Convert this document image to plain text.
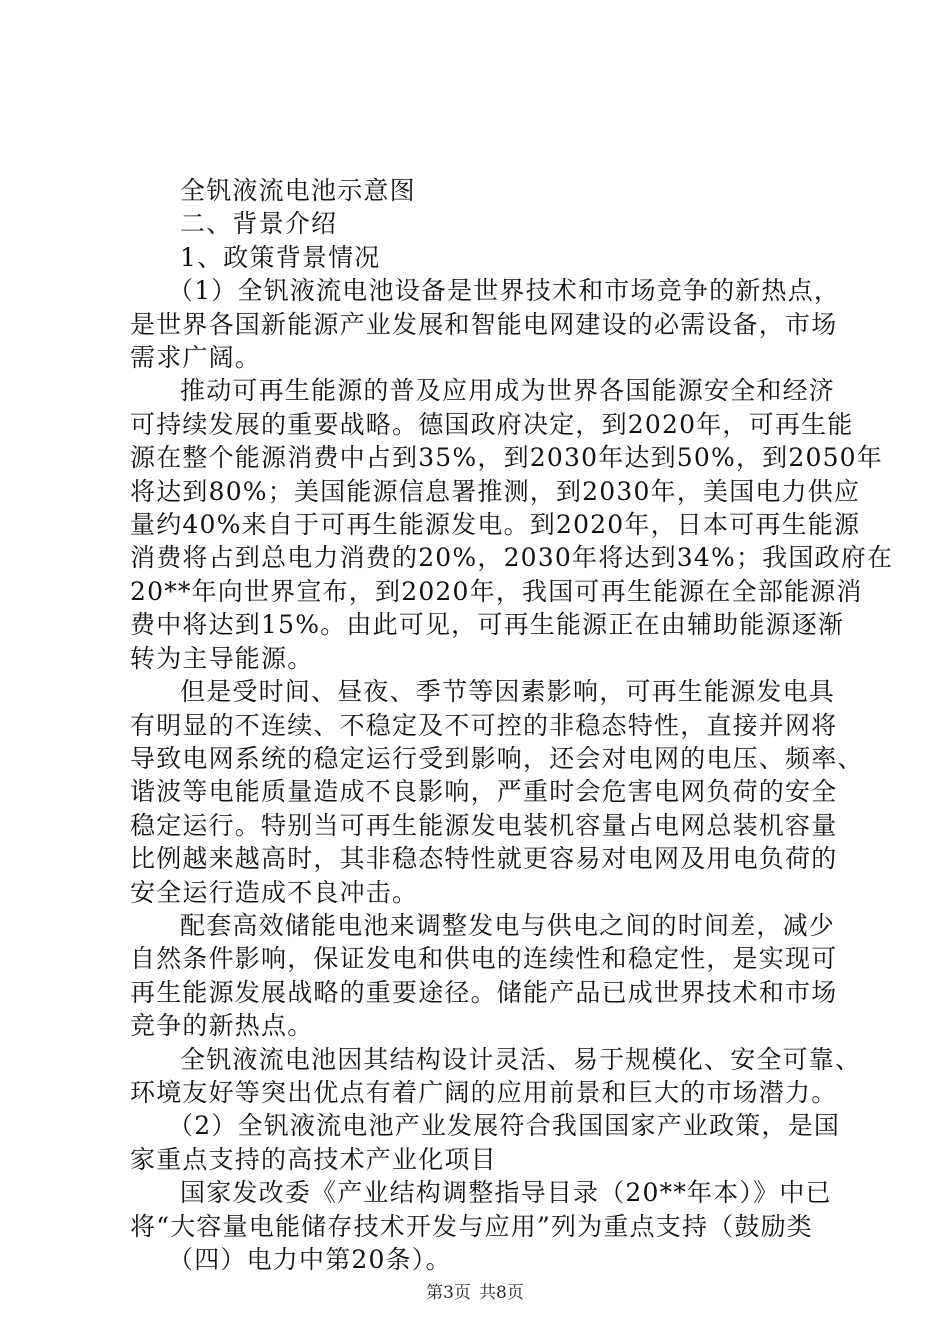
全钒液流电池示意图

二、背景介绍

1、政策背景情况

（1）全钒液流电池设备是世界技术和市场竞争的新热点，

是世界各国新能源产业发展和智能电网建设的必需设备，市场

需求广阔。

推动可再生能源的普及应用成为世界各国能源安全和经济

可持续发展的重要战略。德国政府决定，到2020年，可再生能

源在整个能源消费中占到35%，到2030年达到50%，到2050年

将达到80%；美国能源信息署推测，到2030年，美国电力供应

量约40%来自于可再生能源发电。到2020年，日本可再生能源

消费将占到总电力消费的20%，2030年将达到34%；我国政府在

20**年向世界宣布，到2020年，我国可再生能源在全部能源消

费中将达到15%。由此可见，可再生能源正在由辅助能源逐渐

转为主导能源。

但是受时间、昼夜、季节等因素影响，可再生能源发电具

有明显的不连续、不稳定及不可控的非稳态特性，直接并网将

导致电网系统的稳定运行受到影响，还会对电网的电压、频率、

谐波等电能质量造成不良影响，严重时会危害电网负荷的安全

稳定运行。特别当可再生能源发电装机容量占电网总装机容量

比例越来越高时，其非稳态特性就更容易对电网及用电负荷的

安全运行造成不良冲击。

配套高效储能电池来调整发电与供电之间的时间差，减少

自然条件影响，保证发电和供电的连续性和稳定性，是实现可

再生能源发展战略的重要途径。储能产品已成世界技术和市场

竞争的新热点。

全钒液流电池因其结构设计灵活、易于规模化、安全可靠、

环境友好等突出优点有着广阔的应用前景和巨大的市场潜力。

（2）全钒液流电池产业发展符合我国国家产业政策，是国

家重点支持的高技术产业化项目

国家发改委《产业结构调整指导目录（20**年本）》中已

将“大容量电能储存技术开发与应用”列为重点支持（鼓励类

（四）电力中第20条）。

第3页 共8页
